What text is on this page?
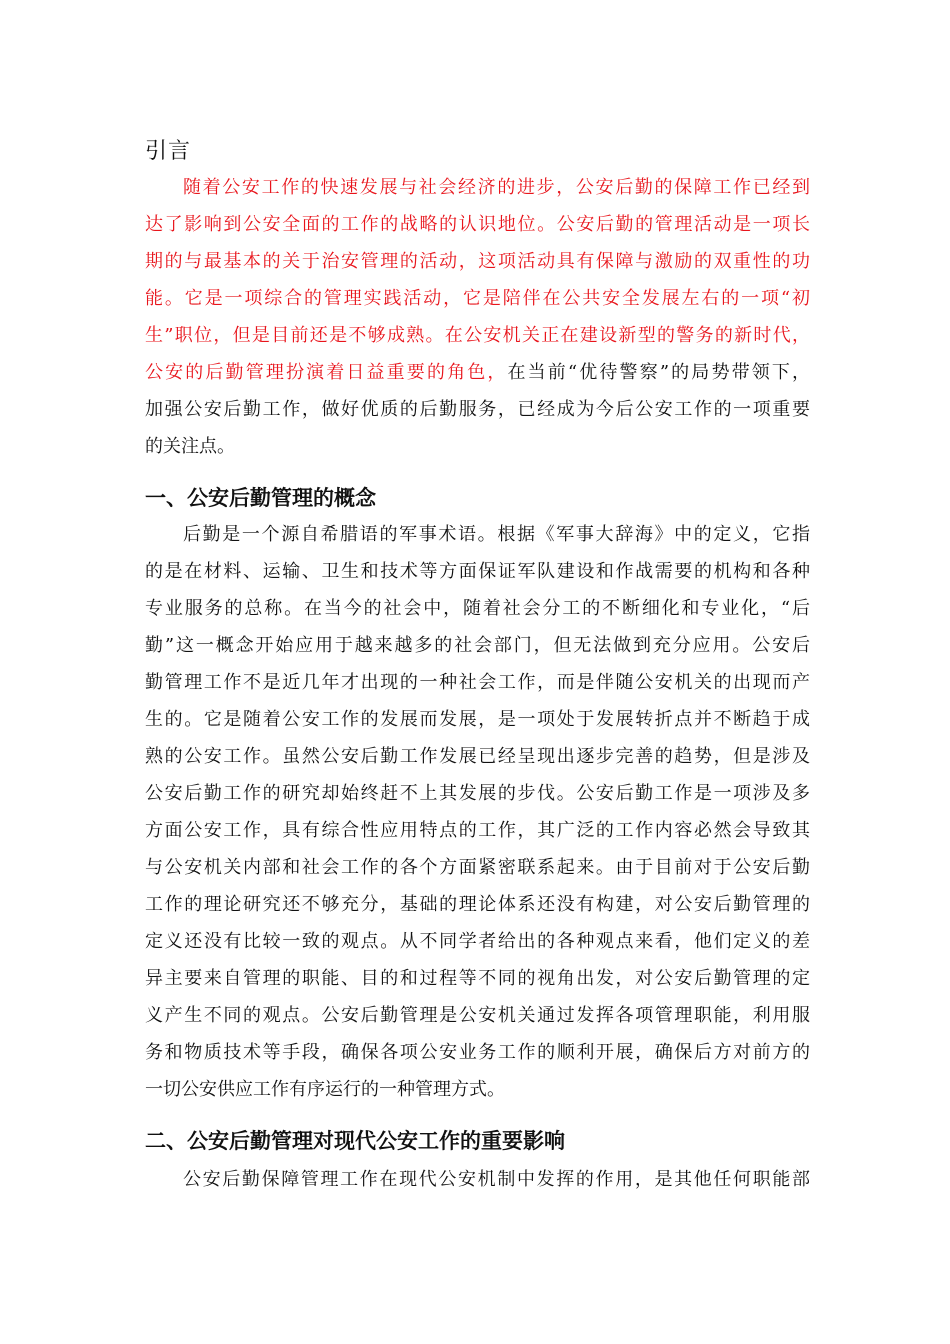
引言
随着公安工作的快速发展与社会经济的进步，公安后勤的保障工作已经到
达了影响到公安全面的工作的战略的认识地位。公安后勤的管理活动是一项长
期的与最基本的关于治安管理的活动，这项活动具有保障与激励的双重性的功
能。它是一项综合的管理实践活动，它是陪伴在公共安全发展左右的一项“初
生”职位，但是目前还是不够成熟。在公安机关正在建设新型的警务的新时代，
公安的后勤管理扮演着日益重要的角色，在当前“优待警察”的局势带领下，
加强公安后勤工作，做好优质的后勤服务，已经成为今后公安工作的一项重要
的关注点。
一、公安后勤管理的概念
后勤是一个源自希腊语的军事术语。根据《军事大辞海》中的定义，它指
的是在材料、运输、卫生和技术等方面保证军队建设和作战需要的机构和各种
专业服务的总称。在当今的社会中，随着社会分工的不断细化和专业化，“后
勤”这一概念开始应用于越来越多的社会部门，但无法做到充分应用。公安后
勤管理工作不是近几年才出现的一种社会工作，而是伴随公安机关的出现而产
生的。它是随着公安工作的发展而发展，是一项处于发展转折点并不断趋于成
熟的公安工作。虽然公安后勤工作发展已经呈现出逐步完善的趋势，但是涉及
公安后勤工作的研究却始终赶不上其发展的步伐。公安后勤工作是一项涉及多
方面公安工作，具有综合性应用特点的工作，其广泛的工作内容必然会导致其
与公安机关内部和社会工作的各个方面紧密联系起来。由于目前对于公安后勤
工作的理论研究还不够充分，基础的理论体系还没有构建，对公安后勤管理的
定义还没有比较一致的观点。从不同学者给出的各种观点来看，他们定义的差
异主要来自管理的职能、目的和过程等不同的视角出发，对公安后勤管理的定
义产生不同的观点。公安后勤管理是公安机关通过发挥各项管理职能，利用服
务和物质技术等手段，确保各项公安业务工作的顺利开展，确保后方对前方的
一切公安供应工作有序运行的一种管理方式。
二、公安后勤管理对现代公安工作的重要影响
公安后勤保障管理工作在现代公安机制中发挥的作用，是其他任何职能部
